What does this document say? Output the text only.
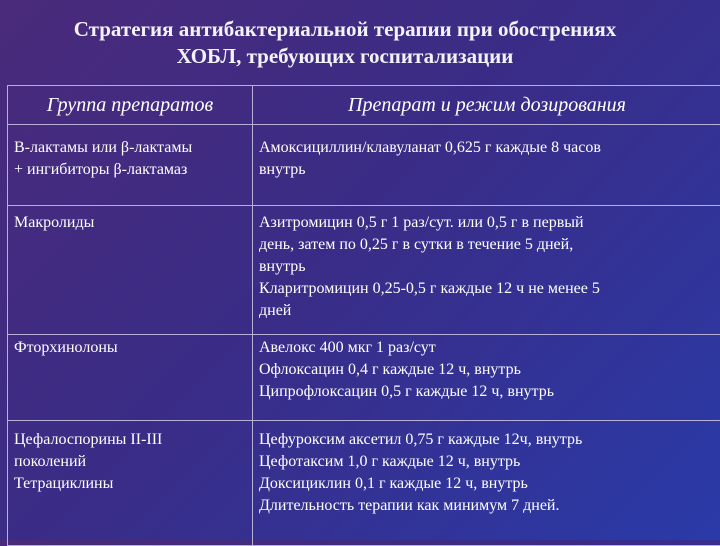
Стратегия антибактериальной терапии при обострениях
ХОБЛ, требующих госпитализации
Группа препаратов	Препарат и режим дозирования

B-лактамы или β-лактамы
+ ингибиторы β-лактамаз	Амоксициллин/клавуланат 0,625 г каждые 8 часов
внутрь

Макролиды	Азитромицин 0,5 г 1 раз/сут. или 0,5 г в первый
день, затем по 0,25 г в сутки в течение 5 дней,
внутрь
Кларитромицин 0,25-0,5 г каждые 12 ч не менее 5
дней

Фторхинолоны	Авелокс 400 мкг 1 раз/сут
Офлоксацин 0,4 г каждые 12 ч, внутрь
Ципрофлоксацин 0,5 г каждые 12 ч, внутрь

Цефалоспорины II-III
поколений
Тетрациклины	Цефуроксим аксетил 0,75 г каждые 12ч, внутрь
Цефотаксим 1,0 г каждые 12 ч, внутрь
Доксициклин 0,1 г каждые 12 ч, внутрь
Длительность терапии как минимум 7 дней.
